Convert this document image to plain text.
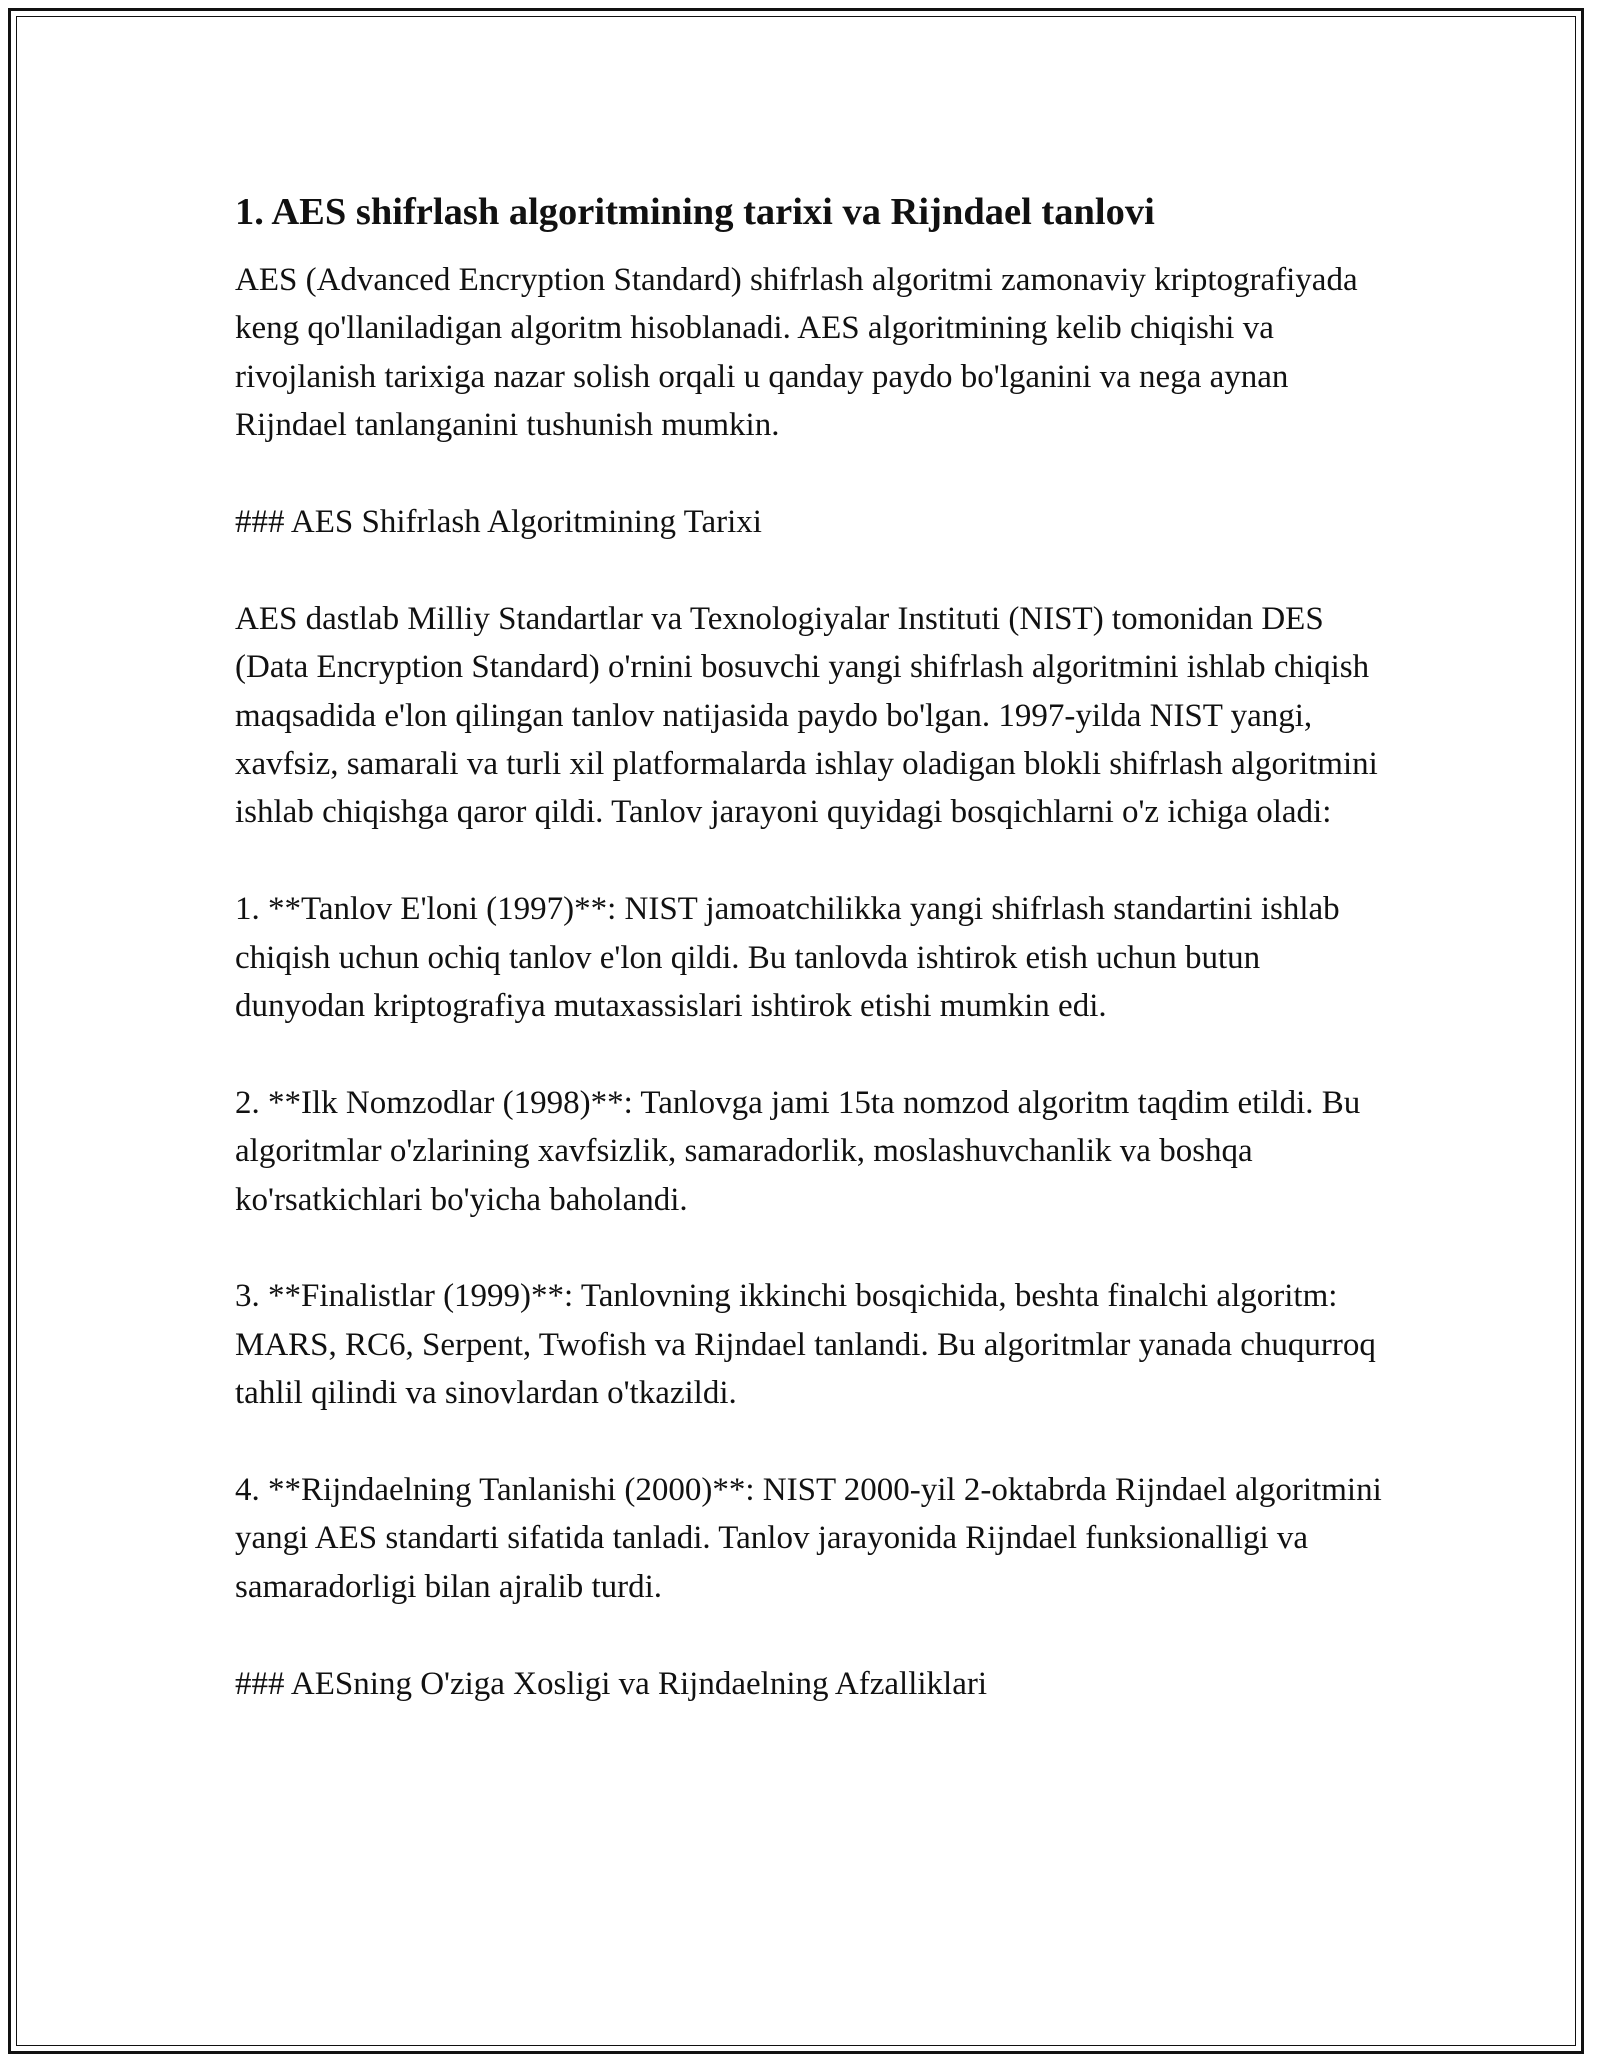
1. AES shifrlash algoritmining tarixi va Rijndael tanlovi

AES (Advanced Encryption Standard) shifrlash algoritmi zamonaviy kriptografiyada keng qo'llaniladigan algoritm hisoblanadi. AES algoritmining kelib chiqishi va rivojlanish tarixiga nazar solish orqali u qanday paydo bo'lganini va nega aynan Rijndael tanlanganini tushunish mumkin.

### AES Shifrlash Algoritmining Tarixi

AES dastlab Milliy Standartlar va Texnologiyalar Instituti (NIST) tomonidan DES (Data Encryption Standard) o'rnini bosuvchi yangi shifrlash algoritmini ishlab chiqish maqsadida e'lon qilingan tanlov natijasida paydo bo'lgan. 1997-yilda NIST yangi, xavfsiz, samarali va turli xil platformalarda ishlay oladigan blokli shifrlash algoritmini ishlab chiqishga qaror qildi. Tanlov jarayoni quyidagi bosqichlarni o'z ichiga oladi:

1. **Tanlov E'loni (1997)**: NIST jamoatchilikka yangi shifrlash standartini ishlab chiqish uchun ochiq tanlov e'lon qildi. Bu tanlovda ishtirok etish uchun butun dunyodan kriptografiya mutaxassislari ishtirok etishi mumkin edi.

2. **Ilk Nomzodlar (1998)**: Tanlovga jami 15ta nomzod algoritm taqdim etildi. Bu algoritmlar o'zlarining xavfsizlik, samaradorlik, moslashuvchanlik va boshqa ko'rsatkichlari bo'yicha baholandi.

3. **Finalistlar (1999)**: Tanlovning ikkinchi bosqichida, beshta finalchi algoritm: MARS, RC6, Serpent, Twofish va Rijndael tanlandi. Bu algoritmlar yanada chuqurroq tahlil qilindi va sinovlardan o'tkazildi.

4. **Rijndaelning Tanlanishi (2000)**: NIST 2000-yil 2-oktabrda Rijndael algoritmini yangi AES standarti sifatida tanladi. Tanlov jarayonida Rijndael funksionalligi va samaradorligi bilan ajralib turdi.

### AESning O'ziga Xosligi va Rijndaelning Afzalliklari
